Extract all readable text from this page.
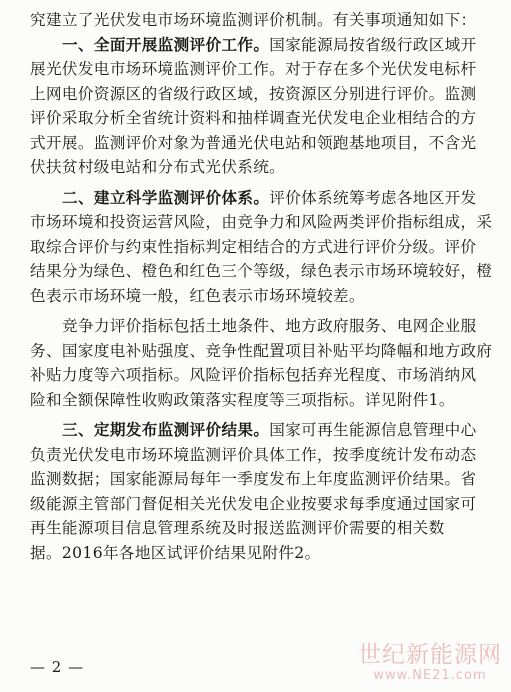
究建立了光伏发电市场环境监测评价机制。有关事项通知如下：
一、全面开展监测评价工作。国家能源局按省级行政区域开
展光伏发电市场环境监测评价工作。对于存在多个光伏发电标杆
上网电价资源区的省级行政区域，按资源区分别进行评价。监测
评价采取分析全省统计资料和抽样调查光伏发电企业相结合的方
式开展。监测评价对象为普通光伏电站和领跑基地项目，不含光
伏扶贫村级电站和分布式光伏系统。
二、建立科学监测评价体系。评价体系统筹考虑各地区开发
市场环境和投资运营风险，由竞争力和风险两类评价指标组成，采
取综合评价与约束性指标判定相结合的方式进行评价分级。评价
结果分为绿色、橙色和红色三个等级，绿色表示市场环境较好，橙
色表示市场环境一般，红色表示市场环境较差。
竞争力评价指标包括土地条件、地方政府服务、电网企业服
务、国家度电补贴强度、竞争性配置项目补贴平均降幅和地方政府
补贴力度等六项指标。风险评价指标包括弃光程度、市场消纳风
险和全额保障性收购政策落实程度等三项指标。详见附件1。
三、定期发布监测评价结果。国家可再生能源信息管理中心
负责光伏发电市场环境监测评价具体工作，按季度统计发布动态
监测数据；国家能源局每年一季度发布上年度监测评价结果。省
级能源主管部门督促相关光伏发电企业按要求每季度通过国家可
再生能源项目信息管理系统及时报送监测评价需要的相关数
据。2016年各地区试评价结果见附件2。
— 2 —	世纪新能源网
www.NE21.com
